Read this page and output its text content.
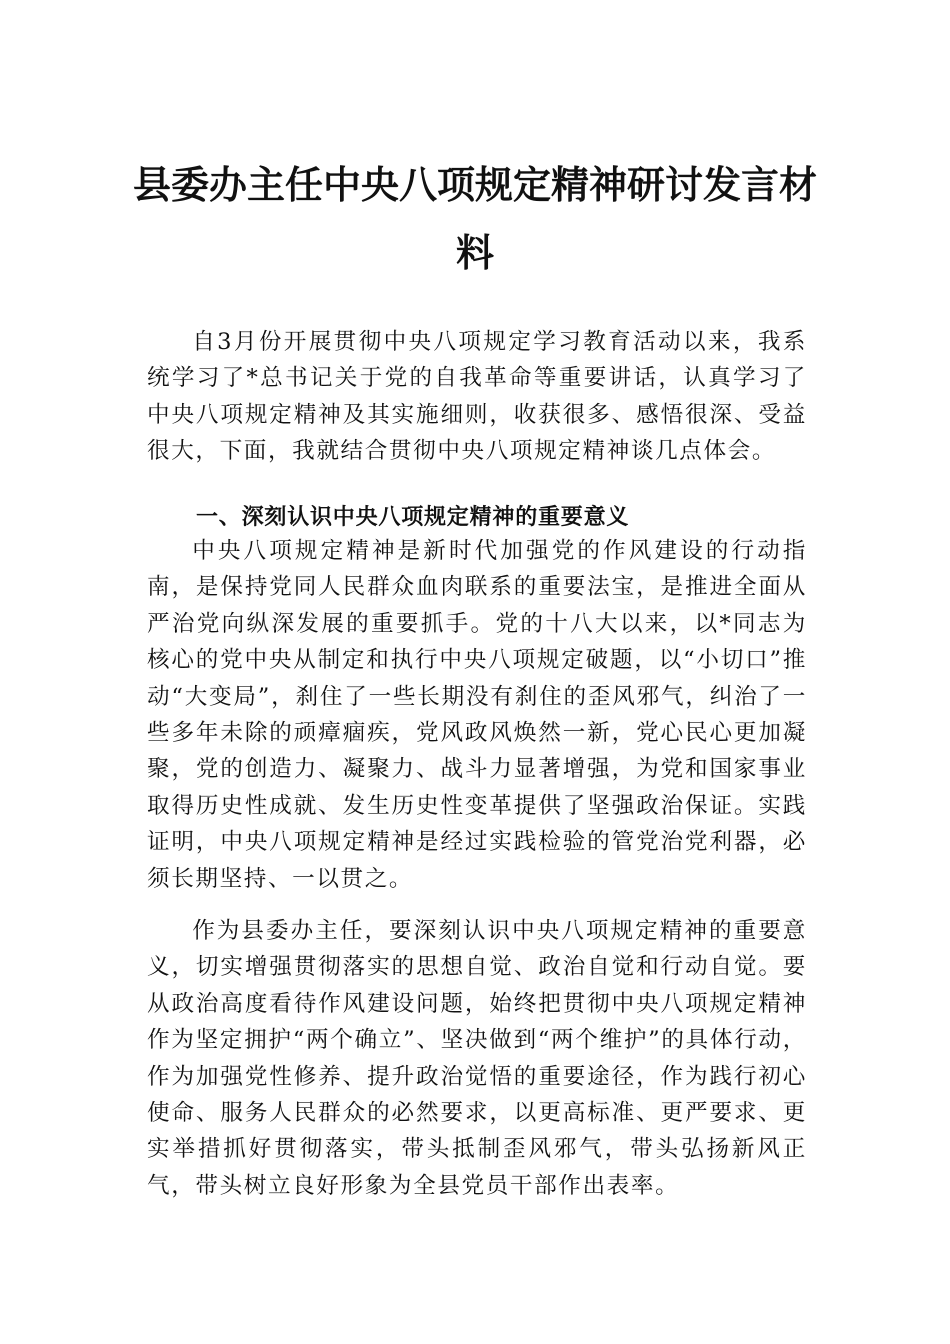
县委办主任中央八项规定精神研讨发言材
料

自3月份开展贯彻中央八项规定学习教育活动以来，我系统学习了*总书记关于党的自我革命等重要讲话，认真学习了中央八项规定精神及其实施细则，收获很多、感悟很深、受益很大，下面，我就结合贯彻中央八项规定精神谈几点体会。

一、深刻认识中央八项规定精神的重要意义

中央八项规定精神是新时代加强党的作风建设的行动指南，是保持党同人民群众血肉联系的重要法宝，是推进全面从严治党向纵深发展的重要抓手。党的十八大以来，以*同志为核心的党中央从制定和执行中央八项规定破题，以“小切口”推动“大变局”，刹住了一些长期没有刹住的歪风邪气，纠治了一些多年未除的顽瘴痼疾，党风政风焕然一新，党心民心更加凝聚，党的创造力、凝聚力、战斗力显著增强，为党和国家事业取得历史性成就、发生历史性变革提供了坚强政治保证。实践证明，中央八项规定精神是经过实践检验的管党治党利器，必须长期坚持、一以贯之。

作为县委办主任，要深刻认识中央八项规定精神的重要意义，切实增强贯彻落实的思想自觉、政治自觉和行动自觉。要从政治高度看待作风建设问题，始终把贯彻中央八项规定精神作为坚定拥护“两个确立”、坚决做到“两个维护”的具体行动，作为加强党性修养、提升政治觉悟的重要途径，作为践行初心使命、服务人民群众的必然要求，以更高标准、更严要求、更实举措抓好贯彻落实，带头抵制歪风邪气，带头弘扬新风正气，带头树立良好形象为全县党员干部作出表率。
